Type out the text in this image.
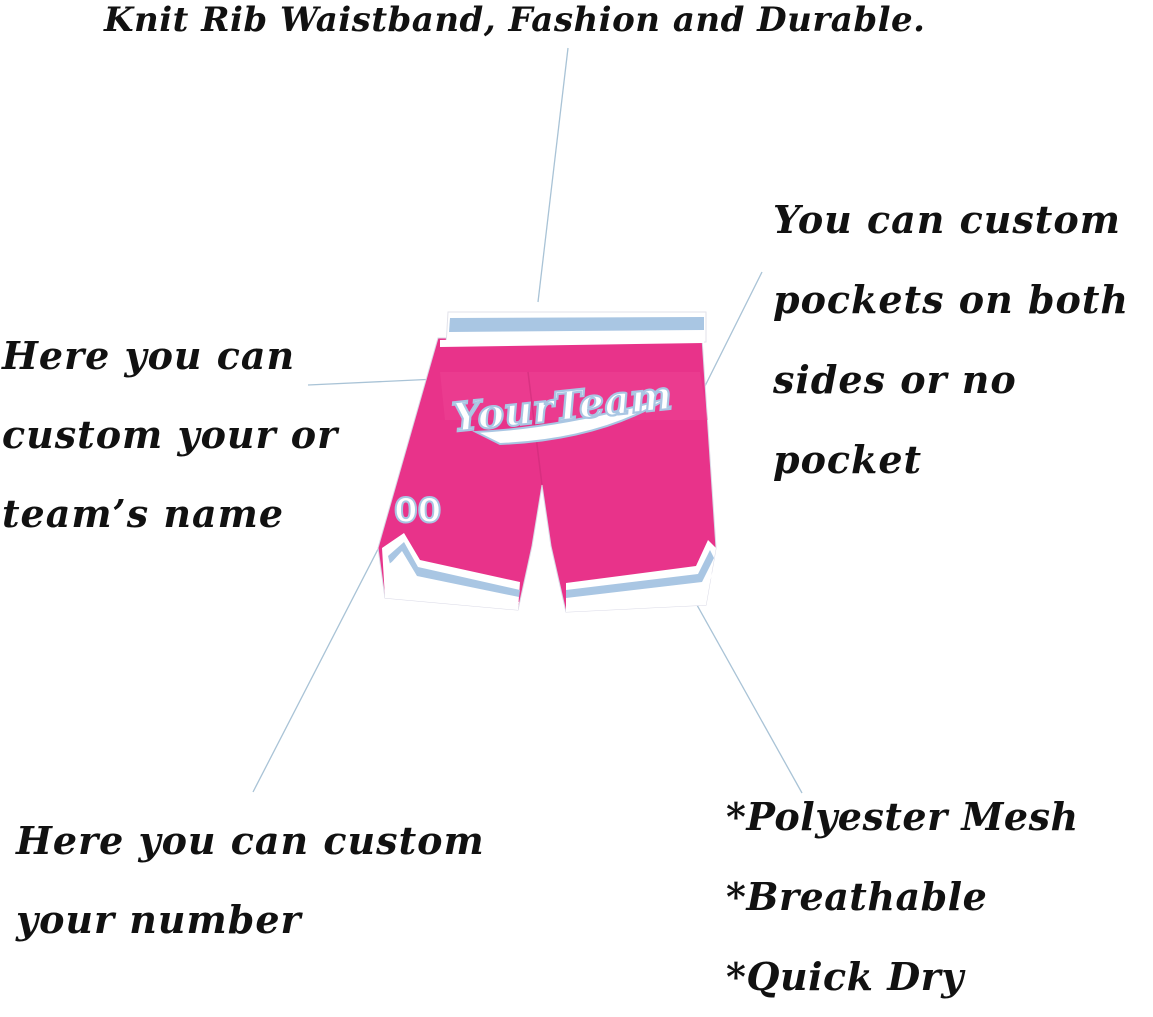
YourTeam
00
Knit Rib Waistband, Fashion and Durable.
You can custom
pockets on both
sides or no
pocket
Here you can
custom your or
team’s name
Here you can custom
your number
*Polyester Mesh
*Breathable
*Quick Dry
